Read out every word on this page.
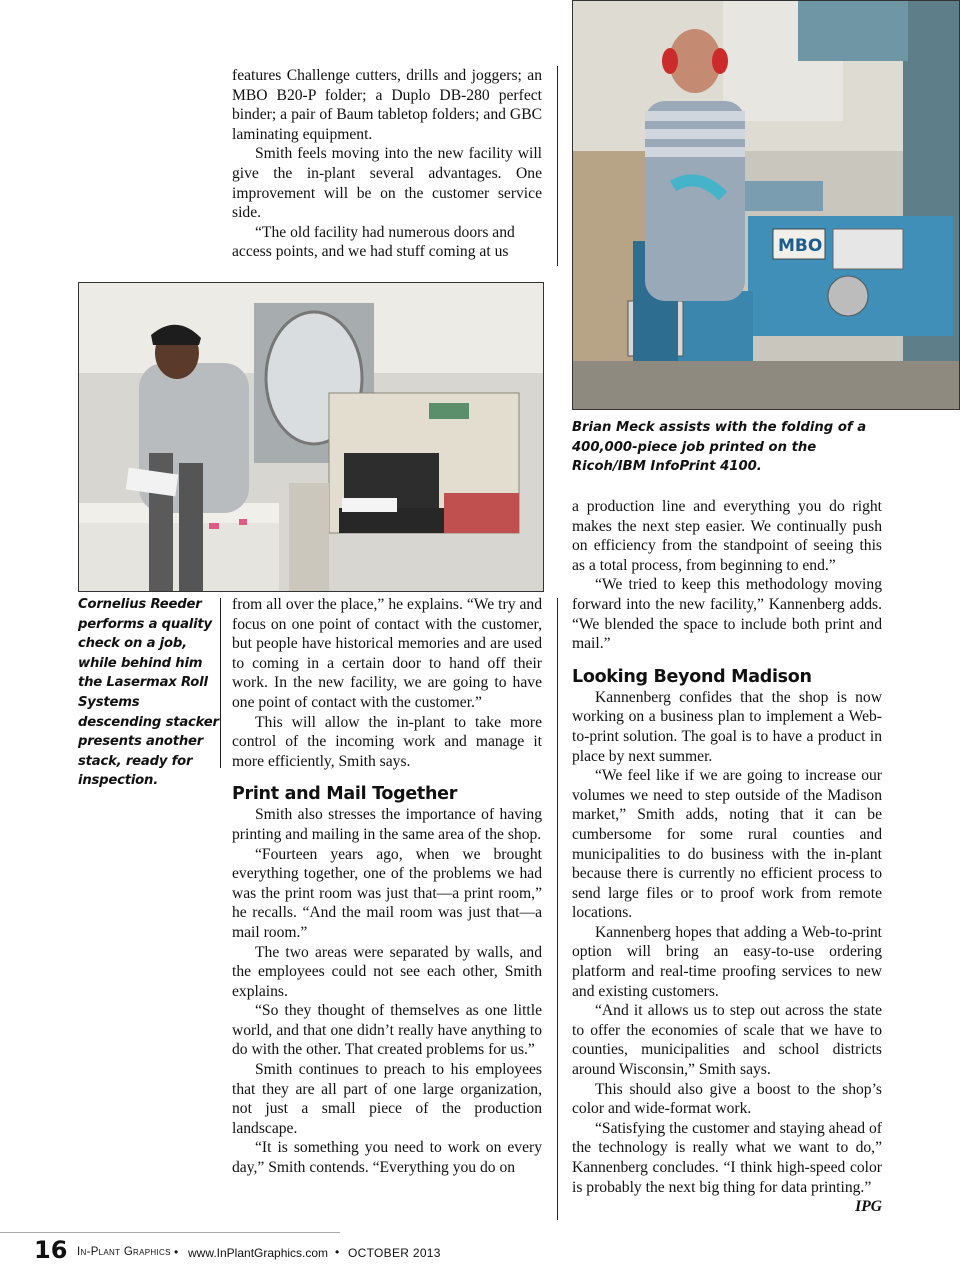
features Challenge cutters, drills and joggers; an MBO B20-P folder; a Duplo DB-280 perfect binder; a pair of Baum tabletop folders; and GBC laminating equipment.

Smith feels moving into the new facility will give the in-plant several advantages. One improvement will be on the customer service side.

“The old facility had numerous doors and access points, and we had stuff coming at us	MBO
Brian Meck assists with the folding of a 400,000-piece job printed on the Ricoh/IBM InfoPrint 4100.
Cornelius Reeder performs a quality check on a job, while behind him the Lasermax Roll Systems descending stacker presents another stack, ready for inspection.

from all over the place,” he explains. “We try and focus on one point of contact with the customer, but people have historical memories and are used to coming in a certain door to hand off their work. In the new facility, we are going to have one point of contact with the customer.”

This will allow the in-plant to take more control of the incoming work and manage it more efficiently, Smith says.

Print and Mail Together

Smith also stresses the importance of having printing and mailing in the same area of the shop.

“Fourteen years ago, when we brought everything together, one of the problems we had was the print room was just that—a print room,” he recalls. “And the mail room was just that—a mail room.”

The two areas were separated by walls, and the employees could not see each other, Smith explains.

“So they thought of themselves as one little world, and that one didn’t really have anything to do with the other. That created problems for us.”

Smith continues to preach to his employees that they are all part of one large organization, not just a small piece of the production landscape.

“It is something you need to work on every day,” Smith contends. “Everything you do on

a production line and everything you do right makes the next step easier. We continually push on efficiency from the standpoint of seeing this as a total process, from beginning to end.”

“We tried to keep this methodology moving forward into the new facility,” Kannenberg adds. “We blended the space to include both print and mail.”

Looking Beyond Madison

Kannenberg confides that the shop is now working on a business plan to implement a Web-to-print solution. The goal is to have a product in place by next summer.

“We feel like if we are going to increase our volumes we need to step outside of the Madison market,” Smith adds, noting that it can be cumbersome for some rural counties and municipalities to do business with the in-plant because there is currently no efficient process to send large files or to proof work from remote locations.

Kannenberg hopes that adding a Web-to-print option will bring an easy-to-use ordering platform and real-time proofing services to new and existing customers.

“And it allows us to step out across the state to offer the economies of scale that we have to counties, municipalities and school districts around Wisconsin,” Smith says.

This should also give a boost to the shop’s color and wide-format work.

“Satisfying the customer and staying ahead of the technology is really what we want to do,” Kannenberg concludes. “I think high-speed color is probably the next big thing for data printing.”
IPG

16 In-Plant Graphics • www.InPlantGraphics.com • OCTOBER 2013
